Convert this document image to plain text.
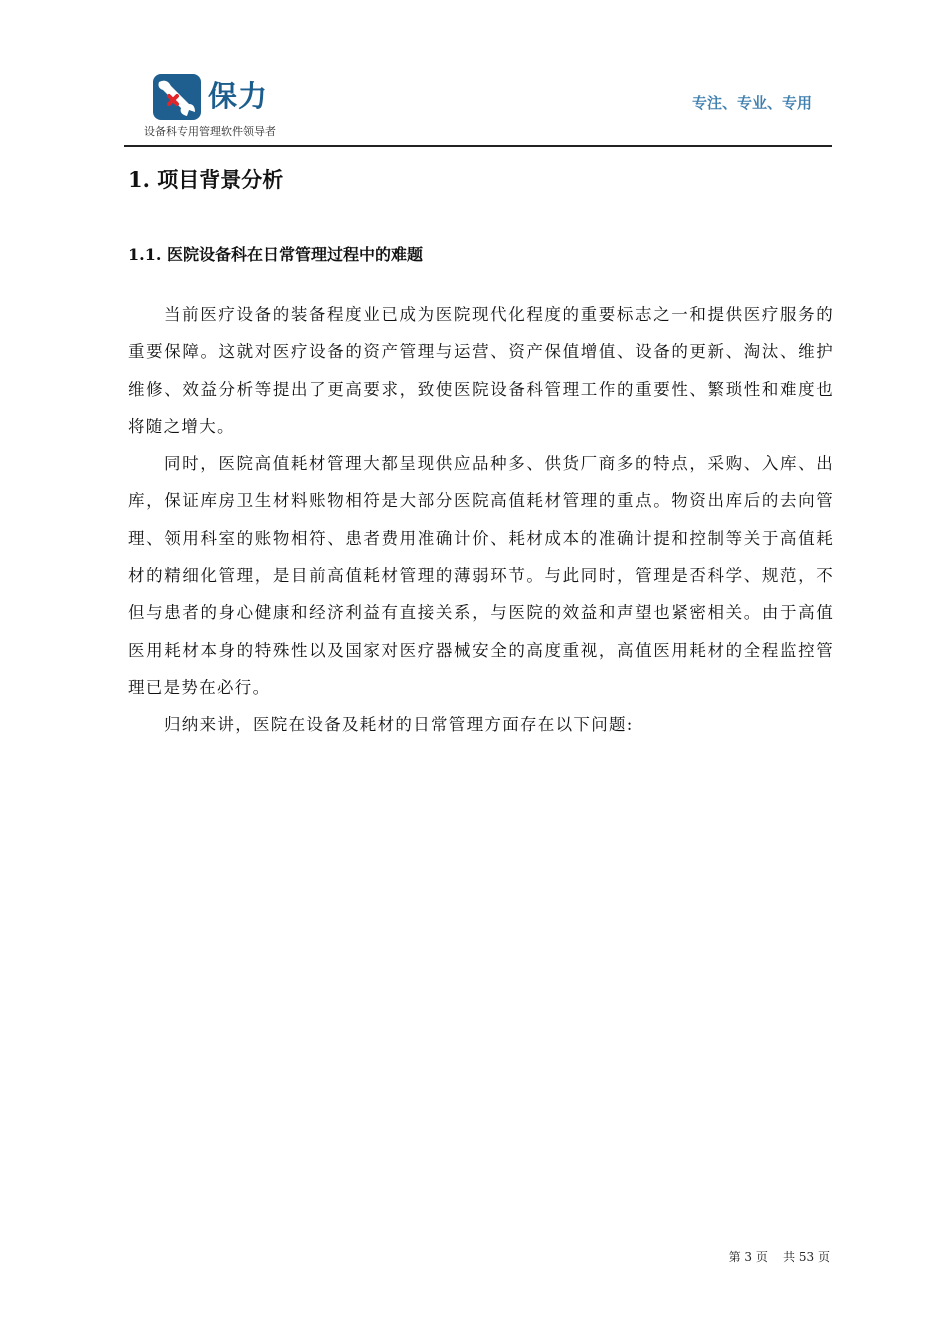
保力
设备科专用管理软件领导者
专注、专业、专用
1. 项目背景分析
1.1. 医院设备科在日常管理过程中的难题

当前医疗设备的装备程度业已成为医院现代化程度的重要标志之一和提供医疗服务的重要保障。这就对医疗设备的资产管理与运营、资产保值增值、设备的更新、淘汰、维护维修、效益分析等提出了更高要求，致使医院设备科管理工作的重要性、繁琐性和难度也将随之增大。

同时，医院高值耗材管理大都呈现供应品种多、供货厂商多的特点，采购、入库、出库，保证库房卫生材料账物相符是大部分医院高值耗材管理的重点。物资出库后的去向管理、领用科室的账物相符、患者费用准确计价、耗材成本的准确计提和控制等关于高值耗材的精细化管理，是目前高值耗材管理的薄弱环节。与此同时，管理是否科学、规范，不但与患者的身心健康和经济利益有直接关系，与医院的效益和声望也紧密相关。由于高值医用耗材本身的特殊性以及国家对医疗器械安全的高度重视，高值医用耗材的全程监控管理已是势在必行。

归纳来讲，医院在设备及耗材的日常管理方面存在以下问题:

第 3 页 共 53 页
